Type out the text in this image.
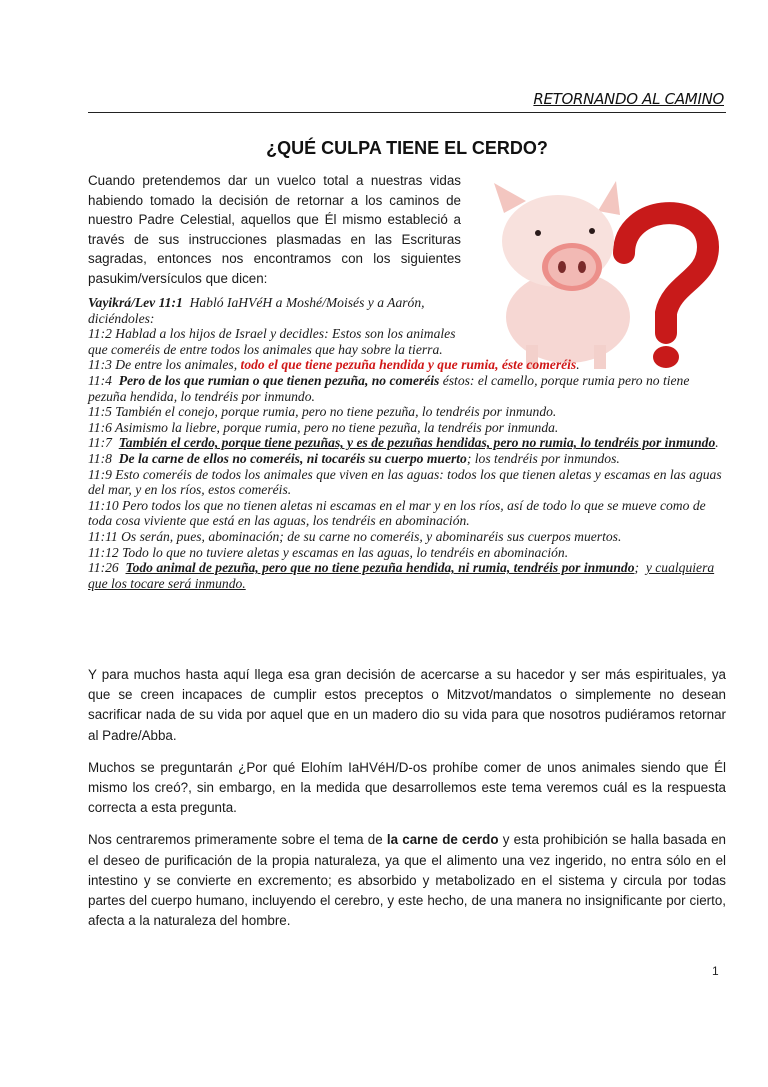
RETORNANDO AL CAMINO
¿QUÉ CULPA TIENE EL CERDO?
Cuando pretendemos dar un vuelco total a nuestras vidas habiendo tomado la decisión de retornar a los caminos de nuestro Padre Celestial, aquellos que Él mismo estableció a través de sus instrucciones plasmadas en las Escrituras sagradas, entonces nos encontramos con los siguientes pasukim/versículos que dicen:

Vayikrá/Lev 11:1 Habló IaHVéH a Moshé/Moisés y a Aarón, diciéndoles:

11:2 Hablad a los hijos de Israel y decidles: Estos son los animales que comeréis de entre todos los animales que hay sobre la tierra.

11:3 De entre los animales, todo el que tiene pezuña hendida y que rumia, éste comeréis.

11:4 Pero de los que rumian o que tienen pezuña, no comeréis éstos: el camello, porque rumia pero no tiene pezuña hendida, lo tendréis por inmundo.

11:5 También el conejo, porque rumia, pero no tiene pezuña, lo tendréis por inmundo.

11:6 Asimismo la liebre, porque rumia, pero no tiene pezuña, la tendréis por inmunda.

11:7 También el cerdo, porque tiene pezuñas, y es de pezuñas hendidas, pero no rumia, lo tendréis por inmundo.

11:8 De la carne de ellos no comeréis, ni tocaréis su cuerpo muerto; los tendréis por inmundos.

11:9 Esto comeréis de todos los animales que viven en las aguas: todos los que tienen aletas y escamas en las aguas del mar, y en los ríos, estos comeréis.

11:10 Pero todos los que no tienen aletas ni escamas en el mar y en los ríos, así de todo lo que se mueve como de toda cosa viviente que está en las aguas, los tendréis en abominación.

11:11 Os serán, pues, abominación; de su carne no comeréis, y abominaréis sus cuerpos muertos.

11:12 Todo lo que no tuviere aletas y escamas en las aguas, lo tendréis en abominación.

11:26 Todo animal de pezuña, pero que no tiene pezuña hendida, ni rumia, tendréis por inmundo; y cualquiera que los tocare será inmundo.

Y para muchos hasta aquí llega esa gran decisión de acercarse a su hacedor y ser más espirituales, ya que se creen incapaces de cumplir estos preceptos o Mitzvot/mandatos o simplemente no desean sacrificar nada de su vida por aquel que en un madero dio su vida para que nosotros pudiéramos retornar al Padre/Abba.

Muchos se preguntarán ¿Por qué Elohím IaHVéH/D-os prohíbe comer de unos animales siendo que Él mismo los creó?, sin embargo, en la medida que desarrollemos este tema veremos cuál es la respuesta correcta a esta pregunta.

Nos centraremos primeramente sobre el tema de la carne de cerdo y esta prohibición se halla basada en el deseo de purificación de la propia naturaleza, ya que el alimento una vez ingerido, no entra sólo en el intestino y se convierte en excremento; es absorbido y metabolizado en el sistema y circula por todas partes del cuerpo humano, incluyendo el cerebro, y este hecho, de una manera no insignificante por cierto, afecta a la naturaleza del hombre.

1
